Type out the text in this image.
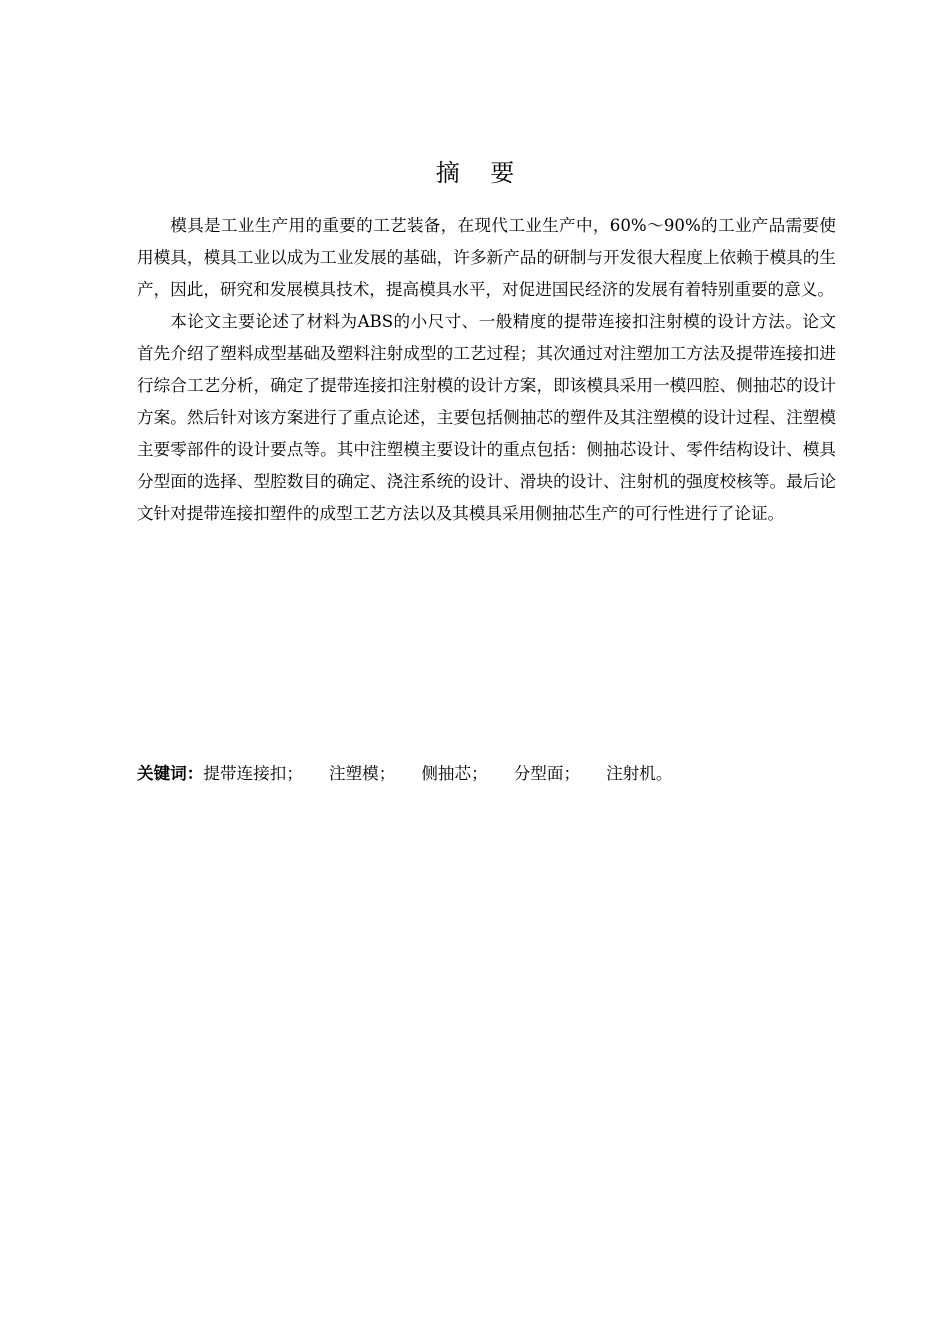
摘    要

模具是工业生产用的重要的工艺装备，在现代工业生产中，60%～90%的工业产品需要使用模具，模具工业以成为工业发展的基础，许多新产品的研制与开发很大程度上依赖于模具的生产，因此，研究和发展模具技术，提高模具水平，对促进国民经济的发展有着特别重要的意义。

本论文主要论述了材料为ABS的小尺寸、一般精度的提带连接扣注射模的设计方法。论文首先介绍了塑料成型基础及塑料注射成型的工艺过程；其次通过对注塑加工方法及提带连接扣进行综合工艺分析，确定了提带连接扣注射模的设计方案，即该模具采用一模四腔、侧抽芯的设计方案。然后针对该方案进行了重点论述，主要包括侧抽芯的塑件及其注塑模的设计过程、注塑模主要零部件的设计要点等。其中注塑模主要设计的重点包括：侧抽芯设计、零件结构设计、模具分型面的选择、型腔数目的确定、浇注系统的设计、滑块的设计、注射机的强度校核等。最后论文针对提带连接扣塑件的成型工艺方法以及其模具采用侧抽芯生产的可行性进行了论证。

关键词：提带连接扣； 注塑模； 侧抽芯； 分型面； 注射机。
